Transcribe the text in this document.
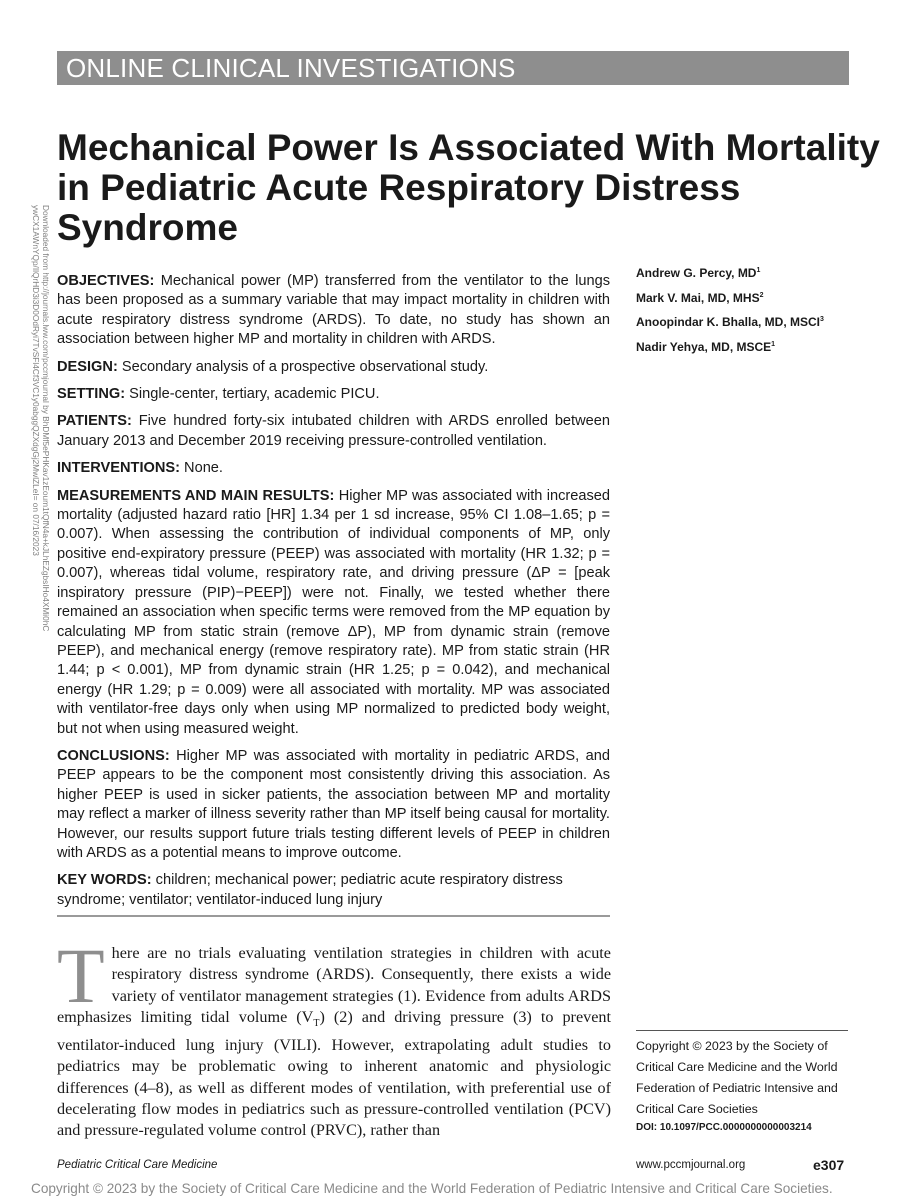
ONLINE CLINICAL INVESTIGATIONS
Mechanical Power Is Associated With Mortality
in Pediatric Acute Respiratory Distress
Syndrome
Downloaded from http://journals.lww.com/pccmjournal by BhDMf5ePHKav1zEoum1tQfN4a+kJLhEZgbsIHo4XMi0hC
ywCX1AWnYQp/IlQrHD3i3D0OdRyi7TvSFl4Cf3VC1y0abggQZXdgGj2MwlZLeI= on 07/16/2023	Andrew G. Percy, $MD^1$
Mark V. Mai, MD, MHS$^2$
Anoopindar K. Bhalla, MD, MSCI$^3$
Nadir Yehya, MD, MSCE$^1$

OBJECTIVES: Mechanical power (MP) transferred from the ventilator to the lungs has been proposed as a summary variable that may impact mortality in children with acute respiratory distress syndrome (ARDS). To date, no study has shown an association between higher MP and mortality in children with ARDS.

DESIGN: Secondary analysis of a prospective observational study.

SETTING: Single-center, tertiary, academic PICU.

PATIENTS: Five hundred forty-six intubated children with ARDS enrolled between January 2013 and December 2019 receiving pressure-controlled ventilation.

INTERVENTIONS: None.

MEASUREMENTS AND MAIN RESULTS: Higher MP was associated with increased mortality (adjusted hazard ratio [HR] 1.34 per 1 sd increase, 95% CI 1.08–1.65; p = 0.007). When assessing the contribution of individual components of MP, only positive end-expiratory pressure (PEEP) was associated with mortality (HR 1.32; p = 0.007), whereas tidal volume, respiratory rate, and driving pressure (ΔP = [peak inspiratory pressure (PIP)−PEEP]) were not. Finally, we tested whether there remained an association when specific terms were removed from the MP equation by calculating MP from static strain (remove ΔP), MP from dynamic strain (remove PEEP), and mechanical energy (remove respiratory rate). MP from static strain (HR 1.44; p < 0.001), MP from dynamic strain (HR 1.25; p = 0.042), and mechanical energy (HR 1.29; p = 0.009) were all associated with mortality. MP was associated with ventilator-free days only when using MP normalized to predicted body weight, but not when using measured weight.

CONCLUSIONS: Higher MP was associated with mortality in pediatric ARDS, and PEEP appears to be the component most consistently driving this association. As higher PEEP is used in sicker patients, the association between MP and mortality may reflect a marker of illness severity rather than MP itself being causal for mortality. However, our results support future trials testing different levels of PEEP in children with ARDS as a potential means to improve outcome.

KEY WORDS: children; mechanical power; pediatric acute respiratory distress syndrome; ventilator; ventilator-induced lung injury

There are no trials evaluating ventilation strategies in children with acute respiratory distress syndrome (ARDS). Consequently, there exists a wide variety of ventilator management strategies (1). Evidence from adults ARDS emphasizes limiting tidal volume $(V_T)$ (2) and driving pressure (3) to prevent ventilator-induced lung injury (VILI). However, extrapolating adult studies to pediatrics may be problematic owing to inherent anatomic and physiologic differences (4–8), as well as different modes of ventilation, with preferential use of decelerating flow modes in pediatrics such as pressure-controlled ventilation (PCV) and pressure-regulated volume control (PRVC), rather than
Copyright © 2023 by the Society of Critical Care Medicine and the World Federation of Pediatric Intensive and Critical Care Societies
DOI: 10.1097/PCC.0000000000003214
Pediatric Critical Care Medicine	www.pccmjournal.org	e307
Copyright © 2023 by the Society of Critical Care Medicine and the World Federation of Pediatric Intensive and Critical Care Societies.
